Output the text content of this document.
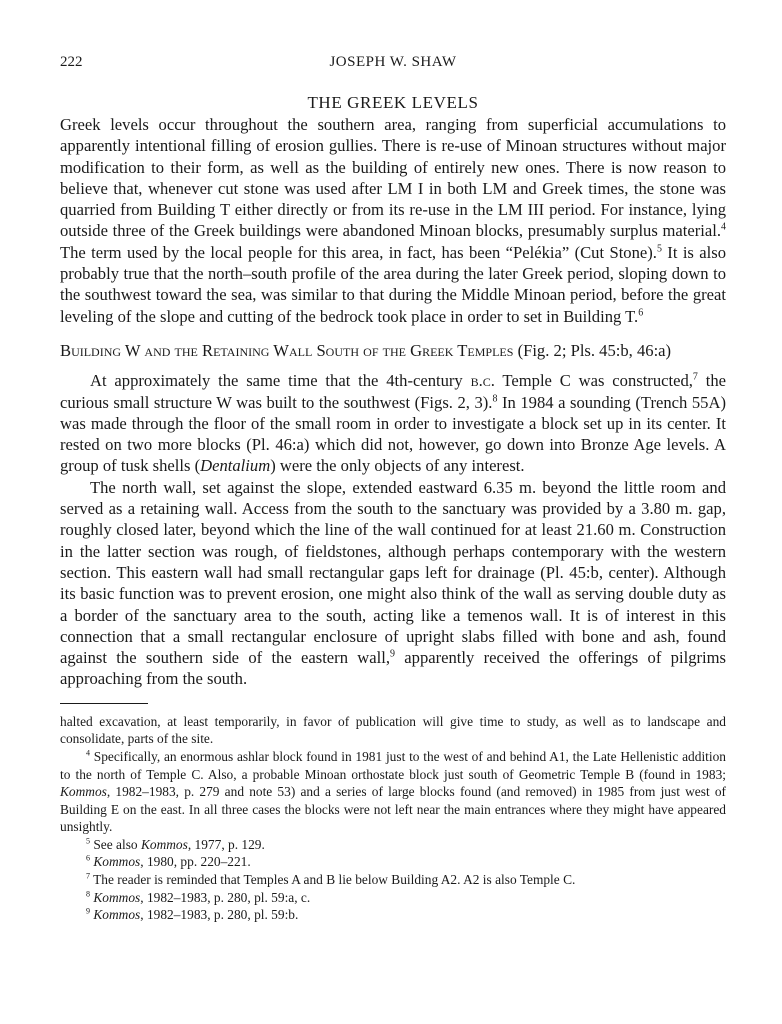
222	JOSEPH W. SHAW
THE GREEK LEVELS

Greek levels occur throughout the southern area, ranging from superficial accumulations to apparently intentional filling of erosion gullies. There is re-use of Minoan structures without major modification to their form, as well as the building of entirely new ones. There is now reason to believe that, whenever cut stone was used after LM I in both LM and Greek times, the stone was quarried from Building T either directly or from its re-use in the LM III period. For instance, lying outside three of the Greek buildings were abandoned Minoan blocks, presumably surplus material.$^4$ The term used by the local people for this area, in fact, has been “Pelékia” (Cut Stone).$^5$ It is also probably true that the north–south profile of the area during the later Greek period, sloping down to the southwest toward the sea, was similar to that during the Middle Minoan period, before the great leveling of the slope and cutting of the bedrock took place in order to set in Building T.$^6$

Building W and the Retaining Wall South of the Greek Temples (Fig. 2; Pls. 45:b, 46:a)

At approximately the same time that the 4th-century b.c. Temple C was constructed,$^7$ the curious small structure W was built to the southwest (Figs. 2, 3).$^8$ In 1984 a sounding (Trench 55A) was made through the floor of the small room in order to investigate a block set up in its center. It rested on two more blocks (Pl. 46:a) which did not, however, go down into Bronze Age levels. A group of tusk shells (Dentalium) were the only objects of any interest.

The north wall, set against the slope, extended eastward 6.35 m. beyond the little room and served as a retaining wall. Access from the south to the sanctuary was provided by a 3.80 m. gap, roughly closed later, beyond which the line of the wall continued for at least 21.60 m. Construction in the latter section was rough, of fieldstones, although perhaps contemporary with the western section. This eastern wall had small rectangular gaps left for drainage (Pl. 45:b, center). Although its basic function was to prevent erosion, one might also think of the wall as serving double duty as a border of the sanctuary area to the south, acting like a temenos wall. It is of interest in this connection that a small rectangular enclosure of upright slabs filled with bone and ash, found against the southern side of the eastern wall,$^9$ apparently received the offerings of pilgrims approaching from the south.

halted excavation, at least temporarily, in favor of publication will give time to study, as well as to landscape and consolidate, parts of the site.

$^4$ Specifically, an enormous ashlar block found in 1981 just to the west of and behind A1, the Late Hellenistic addition to the north of Temple C. Also, a probable Minoan orthostate block just south of Geometric Temple B (found in 1983; Kommos, 1982–1983, p. 279 and note 53) and a series of large blocks found (and removed) in 1985 from just west of Building E on the east. In all three cases the blocks were not left near the main entrances where they might have appeared unsightly.

$^5$ See also Kommos, 1977, p. 129.

$^6$ Kommos, 1980, pp. 220–221.

$^7$ The reader is reminded that Temples A and B lie below Building A2. A2 is also Temple C.

$^8$ Kommos, 1982–1983, p. 280, pl. 59:a, c.

$^9$ Kommos, 1982–1983, p. 280, pl. 59:b.
